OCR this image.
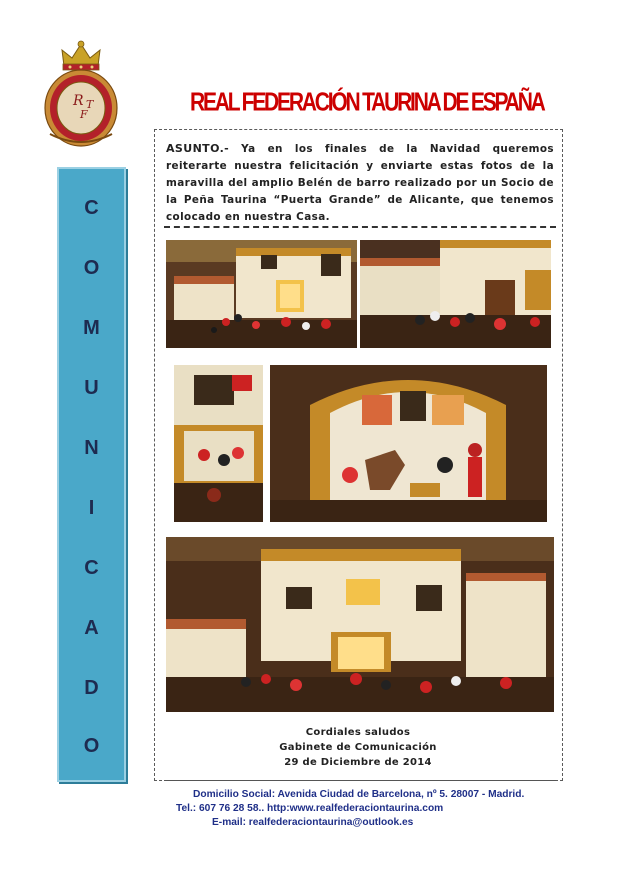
R
F
T	REAL FEDERACIÓN TAURINA DE ESPAÑA
C
O
M
U
N
I
C
A
D
O
ASUNTO.- Ya en los finales de la Navidad queremos reiterarte nuestra felicitación y enviarte estas fotos de la maravilla del amplio Belén de barro realizado por un Socio de la Peña Taurina “Puerta Grande” de Alicante, que tenemos colocado en nuestra Casa.
Cordiales saludos
Gabinete de Comunicación
29 de Diciembre de 2014
Domicilio Social: Avenida Ciudad de Barcelona, nº 5. 28007 - Madrid.
Tel.: 607 76 28 58.. http:www.realfederaciontaurina.com
E-mail: realfederaciontaurina@outlook.es
